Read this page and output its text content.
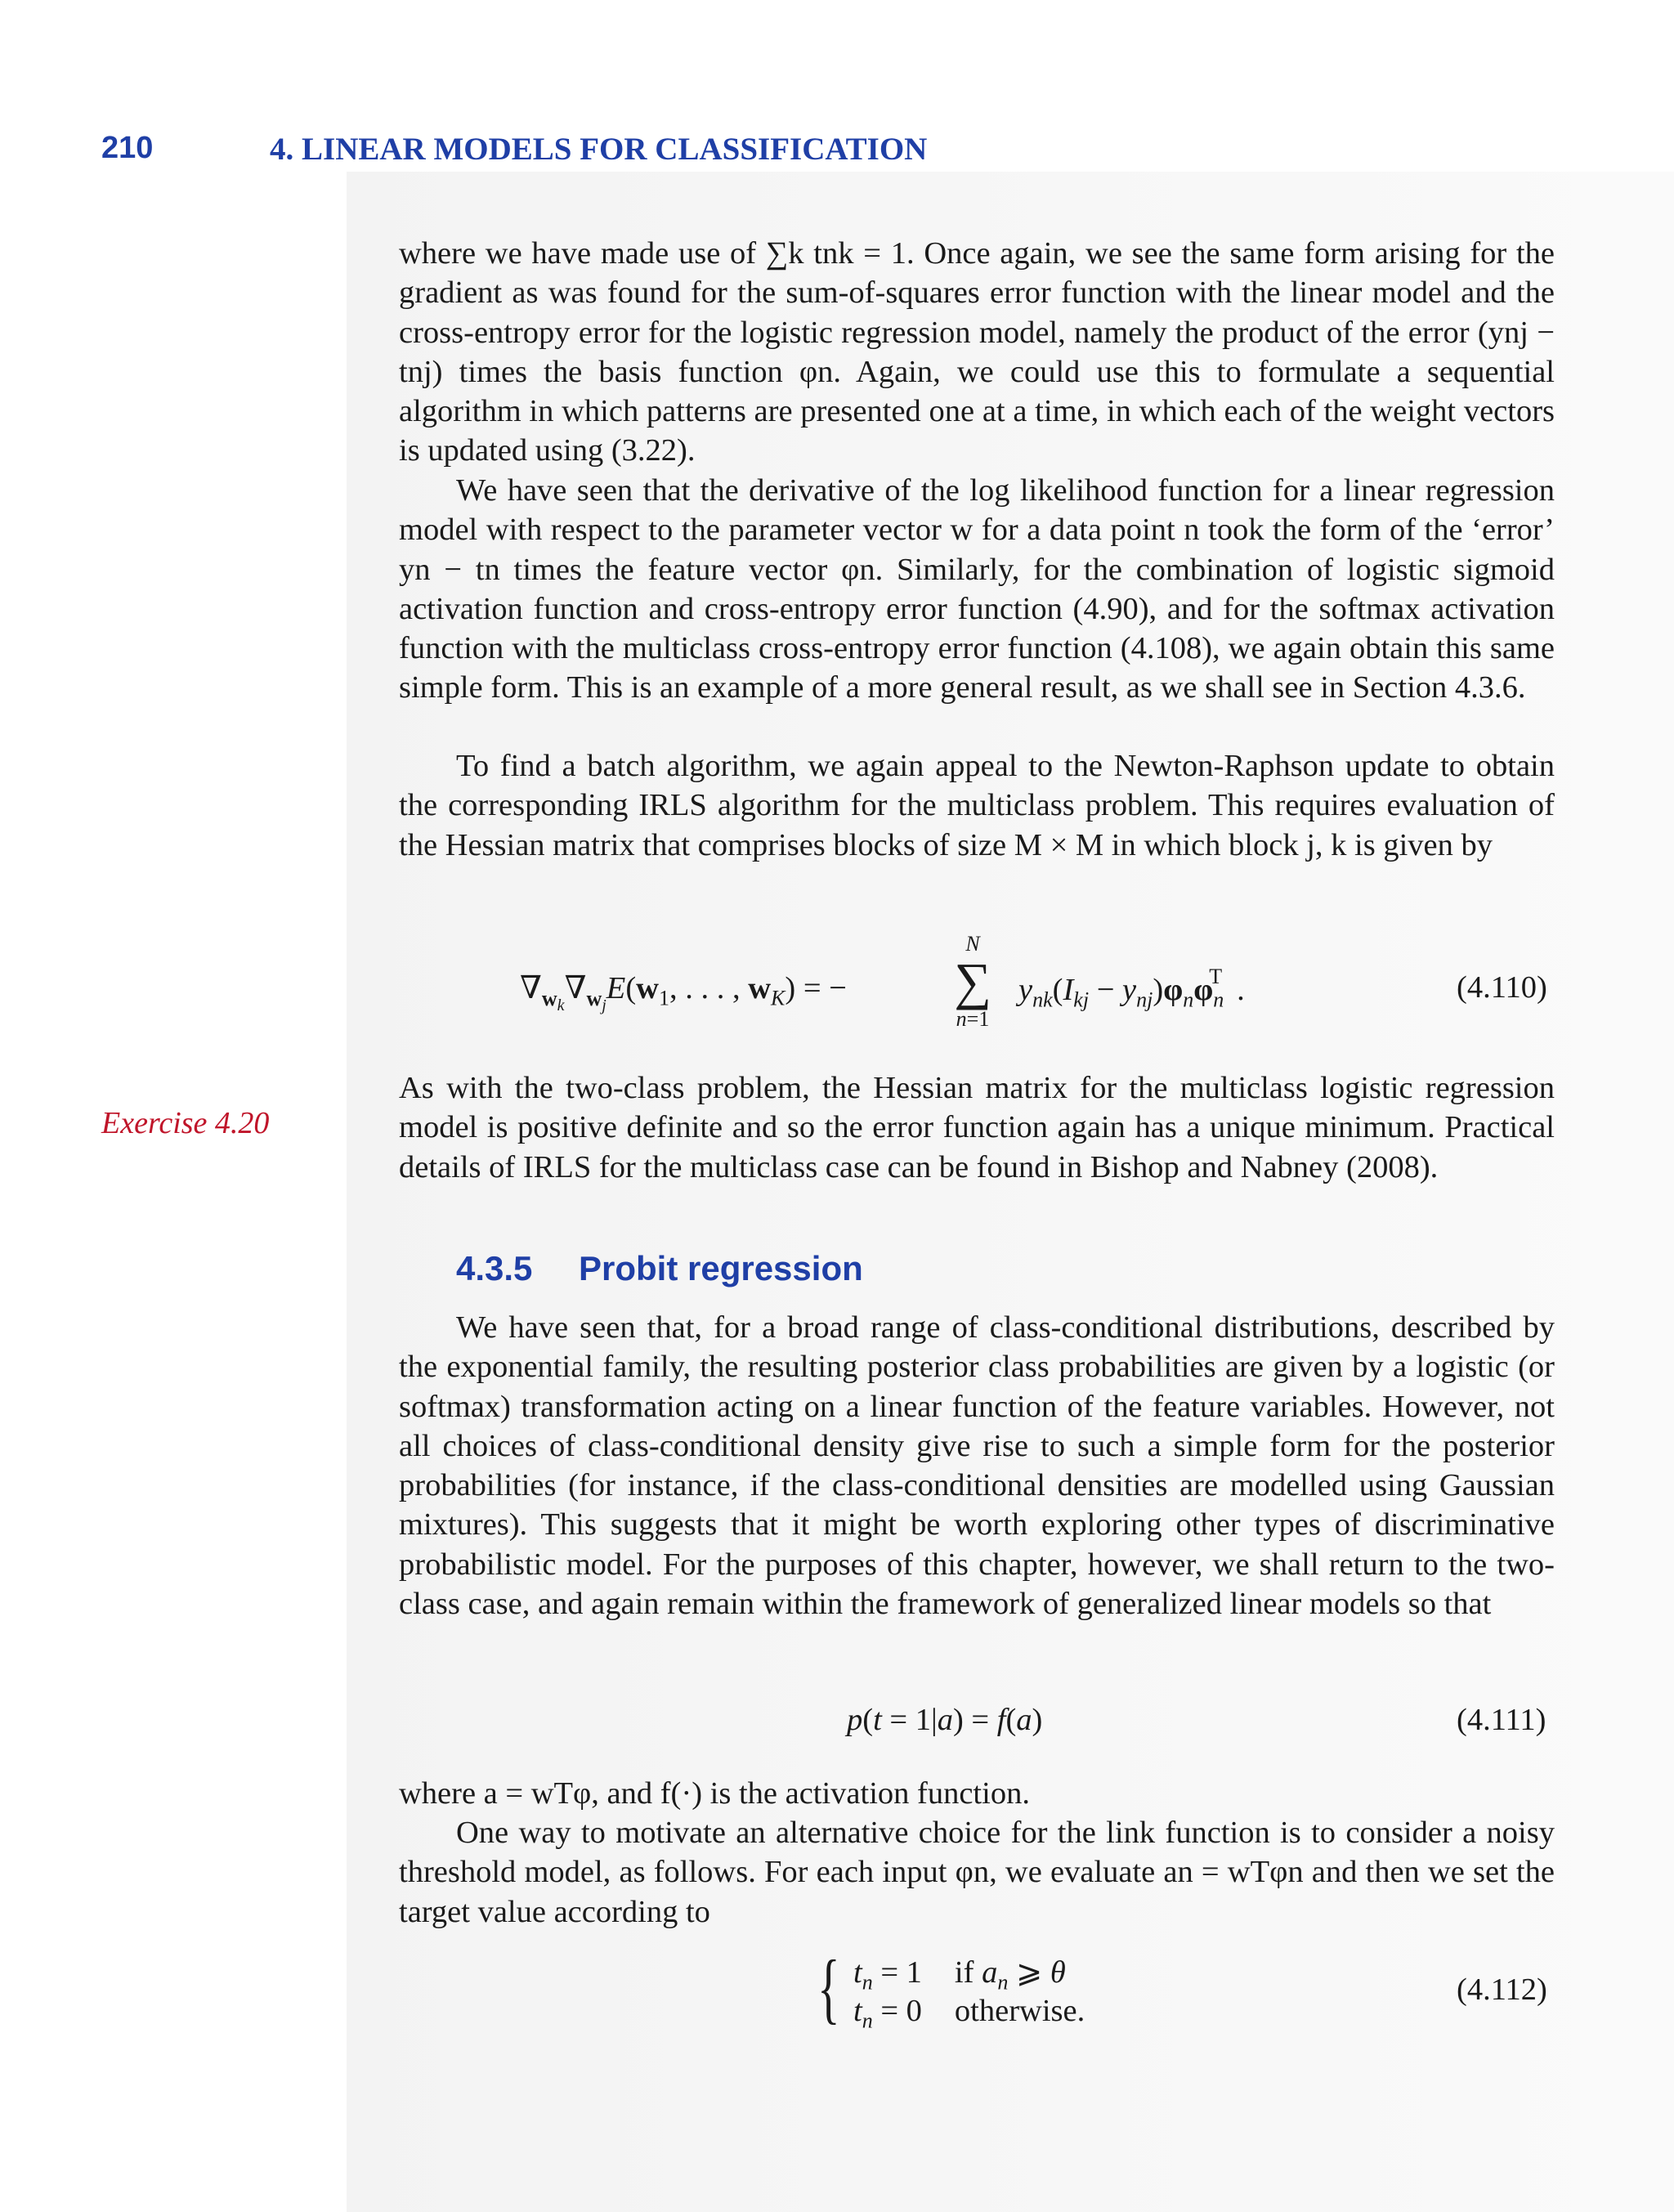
210	4. LINEAR MODELS FOR CLASSIFICATION

where we have made use of ∑k tnk = 1. Once again, we see the same form arising for the gradient as was found for the sum-of-squares error function with the linear model and the cross-entropy error for the logistic regression model, namely the product of the error (ynj − tnj) times the basis function φn. Again, we could use this to formulate a sequential algorithm in which patterns are presented one at a time, in which each of the weight vectors is updated using (3.22).

We have seen that the derivative of the log likelihood function for a linear regression model with respect to the parameter vector w for a data point n took the form of the ‘error’ yn − tn times the feature vector φn. Similarly, for the combination of logistic sigmoid activation function and cross-entropy error function (4.90), and for the softmax activation function with the multiclass cross-entropy error function (4.108), we again obtain this same simple form. This is an example of a more general result, as we shall see in Section 4.3.6.

To find a batch algorithm, we again appeal to the Newton-Raphson update to obtain the corresponding IRLS algorithm for the multiclass problem. This requires evaluation of the Hessian matrix that comprises blocks of size M × M in which block j, k is given by

$\nabla_{w_k}\nabla_{w_j}E(w_1$, . . . , $w_K$) = −
N
∑
n=1
$y_{nk}(I_{kj} - y_{nj})\varphi_n\varphi_n^T$ .	(4.110)
Exercise 4.20

As with the two-class problem, the Hessian matrix for the multiclass logistic regression model is positive definite and so the error function again has a unique minimum. Practical details of IRLS for the multiclass case can be found in Bishop and Nabney (2008).

4.3.5 Probit regression

We have seen that, for a broad range of class-conditional distributions, described by the exponential family, the resulting posterior class probabilities are given by a logistic (or softmax) transformation acting on a linear function of the feature variables. However, not all choices of class-conditional density give rise to such a simple form for the posterior probabilities (for instance, if the class-conditional densities are modelled using Gaussian mixtures). This suggests that it might be worth exploring other types of discriminative probabilistic model. For the purposes of this chapter, however, we shall return to the two-class case, and again remain within the framework of generalized linear models so that

p(t = 1|a) = f(a)	(4.111)

where a = wTφ, and f(·) is the activation function.

One way to motivate an alternative choice for the link function is to consider a noisy threshold model, as follows. For each input φn, we evaluate an = wTφn and then we set the target value according to

{ $t_n = 1$ if $a_n$ ⩾ θ
$t_n = 0$ otherwise.
(4.112)
